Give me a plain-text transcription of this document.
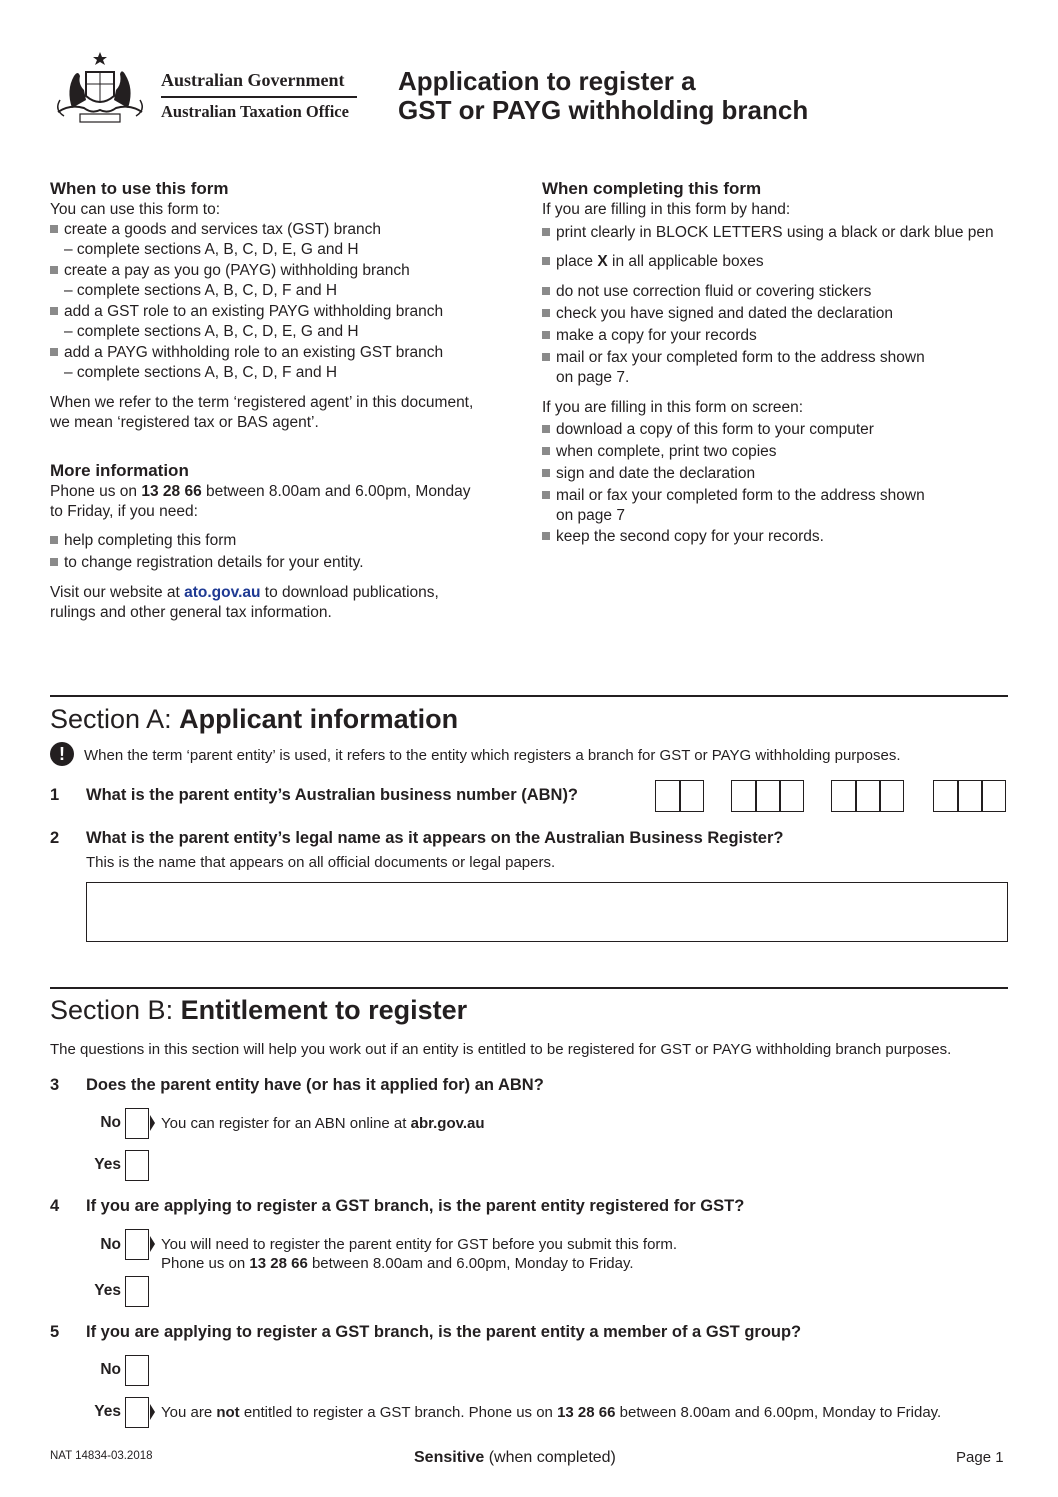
Australian Government
Australian Taxation Office
Application to register a
GST or PAYG withholding branch
When to use this form
You can use this form to:
create a goods and services tax (GST) branch
– complete sections A, B, C, D, E, G and H
create a pay as you go (PAYG) withholding branch
– complete sections A, B, C, D, F and H
add a GST role to an existing PAYG withholding branch
– complete sections A, B, C, D, E, G and H
add a PAYG withholding role to an existing GST branch
– complete sections A, B, C, D, F and H
When we refer to the term ‘registered agent’ in this document,
we mean ‘registered tax or BAS agent’.
More information
Phone us on 13 28 66 between 8.00am and 6.00pm, Monday
to Friday, if you need:
help completing this form
to change registration details for your entity.
Visit our website at ato.gov.au to download publications,
rulings and other general tax information.
When completing this form
If you are filling in this form by hand:
print clearly in BLOCK LETTERS using a black or dark blue pen
place X in all applicable boxes
do not use correction fluid or covering stickers
check you have signed and dated the declaration
make a copy for your records
mail or fax your completed form to the address shown
on page 7.
If you are filling in this form on screen:
download a copy of this form to your computer
when complete, print two copies
sign and date the declaration
mail or fax your completed form to the address shown
on page 7
keep the second copy for your records.
Section A: Applicant information
!	When the term ‘parent entity’ is used, it refers to the entity which registers a branch for GST or PAYG withholding purposes.
1 What is the parent entity’s Australian business number (ABN)?
2 What is the parent entity’s legal name as it appears on the Australian Business Register?
This is the name that appears on all official documents or legal papers.
Section B: Entitlement to register
The questions in this section will help you work out if an entity is entitled to be registered for GST or PAYG withholding branch purposes.
3 Does the parent entity have (or has it applied for) an ABN?
No	You can register for an ABN online at abr.gov.au
Yes
4 If you are applying to register a GST branch, is the parent entity registered for GST?
No	You will need to register the parent entity for GST before you submit this form.
Phone us on 13 28 66 between 8.00am and 6.00pm, Monday to Friday.
Yes
5 If you are applying to register a GST branch, is the parent entity a member of a GST group?
No
Yes	You are not entitled to register a GST branch. Phone us on 13 28 66 between 8.00am and 6.00pm, Monday to Friday.
NAT 14834-03.2018	Sensitive (when completed)	Page 1
